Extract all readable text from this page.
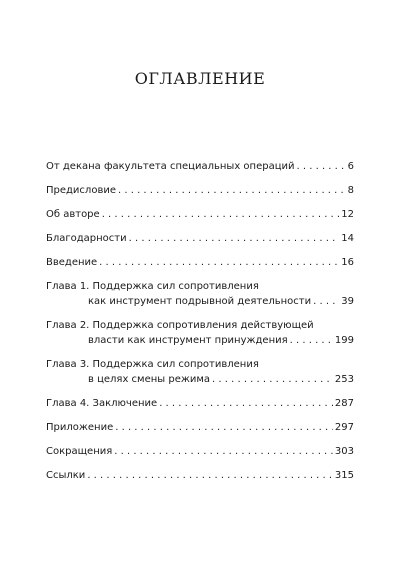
ОГЛАВЛЕНИЕ
От декана факультета специальных операций . . .	6
Предисловие . . .	8
Об авторе . . .	12
Благодарности . . .	14
Введение . . .	16
Глава 1. Поддержка сил сопротивления
как инструмент подрывной деятельности . . .	39
Глава 2. Поддержка сопротивления действующей
власти как инструмент принуждения . . .	199
Глава 3. Поддержка сил сопротивления
в целях смены режима . . .	253
Глава 4. Заключение . . .	287
Приложение . . .	297
Сокращения . . .	303
Ссылки . . .	315
